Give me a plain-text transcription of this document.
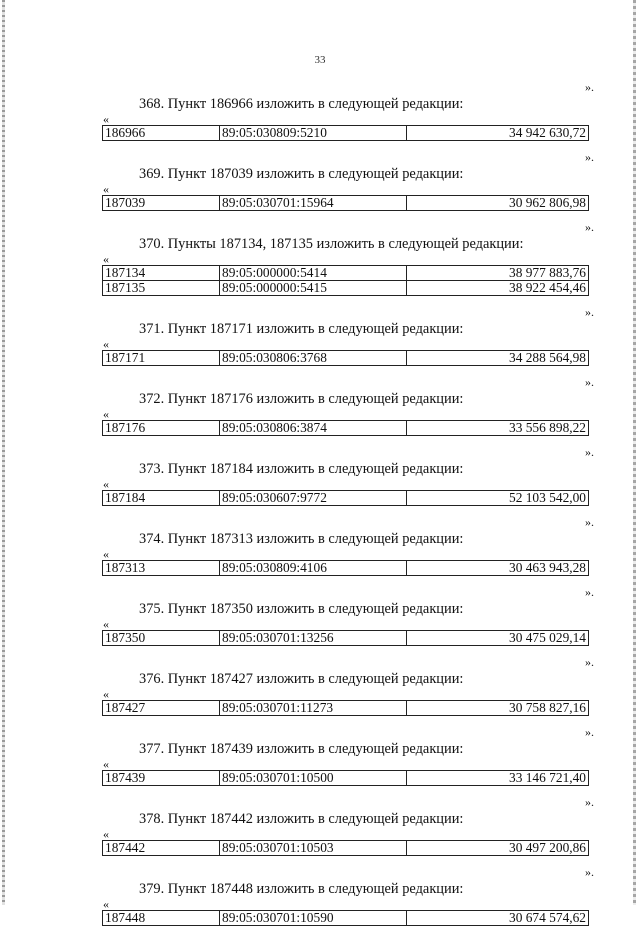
33
».
368. Пункт 186966 изложить в следующей редакции:
«
186966	89:05:030809:5210	34 942 630,72
».
369. Пункт 187039 изложить в следующей редакции:
«
187039	89:05:030701:15964	30 962 806,98
».
370. Пункты 187134, 187135 изложить в следующей редакции:
«
187134	89:05:000000:5414	38 977 883,76
187135	89:05:000000:5415	38 922 454,46
».
371. Пункт 187171 изложить в следующей редакции:
«
187171	89:05:030806:3768	34 288 564,98
».
372. Пункт 187176 изложить в следующей редакции:
«
187176	89:05:030806:3874	33 556 898,22
».
373. Пункт 187184 изложить в следующей редакции:
«
187184	89:05:030607:9772	52 103 542,00
».
374. Пункт 187313 изложить в следующей редакции:
«
187313	89:05:030809:4106	30 463 943,28
».
375. Пункт 187350 изложить в следующей редакции:
«
187350	89:05:030701:13256	30 475 029,14
».
376. Пункт 187427 изложить в следующей редакции:
«
187427	89:05:030701:11273	30 758 827,16
».
377. Пункт 187439 изложить в следующей редакции:
«
187439	89:05:030701:10500	33 146 721,40
».
378. Пункт 187442 изложить в следующей редакции:
«
187442	89:05:030701:10503	30 497 200,86
».
379. Пункт 187448 изложить в следующей редакции:
«
187448	89:05:030701:10590	30 674 574,62
